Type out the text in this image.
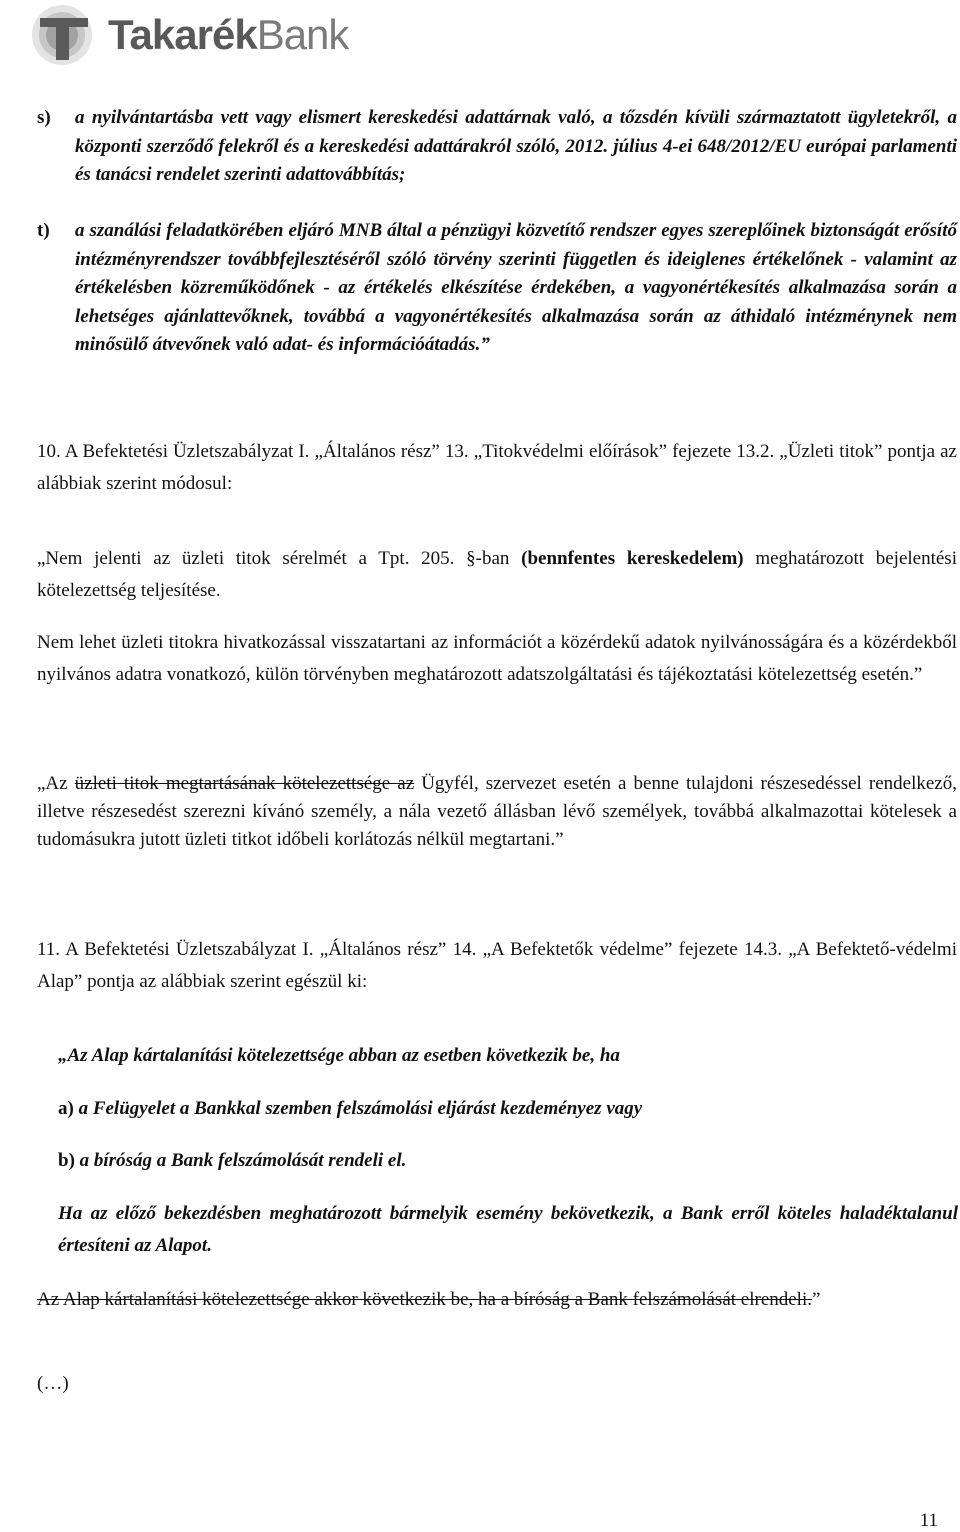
TakarékBank
s) a nyilvántartásba vett vagy elismert kereskedési adattárnak való, a tőzsdén kívüli származtatott ügyletekről, a központi szerződő felekről és a kereskedési adattárakról szóló, 2012. július 4-ei 648/2012/EU európai parlamenti és tanácsi rendelet szerinti adattovábbítás;

t) a szanálási feladatkörében eljáró MNB által a pénzügyi közvetítő rendszer egyes szereplőinek biztonságát erősítő intézményrendszer továbbfejlesztéséről szóló törvény szerinti független és ideiglenes értékelőnek - valamint az értékelésben közreműködőnek - az értékelés elkészítése érdekében, a vagyonértékesítés alkalmazása során a lehetséges ajánlattevőknek, továbbá a vagyonértékesítés alkalmazása során az áthidaló intézménynek nem minősülő átvevőnek való adat- és információátadás.”

10. A Befektetési Üzletszabályzat I. „Általános rész” 13. „Titokvédelmi előírások” fejezete 13.2. „Üzleti titok” pontja az alábbiak szerint módosul:

„Nem jelenti az üzleti titok sérelmét a Tpt. 205. §-ban (bennfentes kereskedelem) meghatározott bejelentési kötelezettség teljesítése.

Nem lehet üzleti titokra hivatkozással visszatartani az információt a közérdekű adatok nyilvánosságára és a közérdekből nyilvános adatra vonatkozó, külön törvényben meghatározott adatszolgáltatási és tájékoztatási kötelezettség esetén.”

„Az üzleti titok megtartásának kötelezettsége az Ügyfél, szervezet esetén a benne tulajdoni részesedéssel rendelkező, illetve részesedést szerezni kívánó személy, a nála vezető állásban lévő személyek, továbbá alkalmazottai kötelesek a tudomásukra jutott üzleti titkot időbeli korlátozás nélkül megtartani.”

11. A Befektetési Üzletszabályzat I. „Általános rész” 14. „A Befektetők védelme” fejezete 14.3. „A Befektető-védelmi Alap” pontja az alábbiak szerint egészül ki:

„Az Alap kártalanítási kötelezettsége abban az esetben következik be, ha

a) a Felügyelet a Bankkal szemben felszámolási eljárást kezdeményez vagy

b) a bíróság a Bank felszámolását rendeli el.

Ha az előző bekezdésben meghatározott bármelyik esemény bekövetkezik, a Bank erről köteles haladéktalanul értesíteni az Alapot.

Az Alap kártalanítási kötelezettsége akkor következik be, ha a bíróság a Bank felszámolását elrendeli.”

(…)

11
